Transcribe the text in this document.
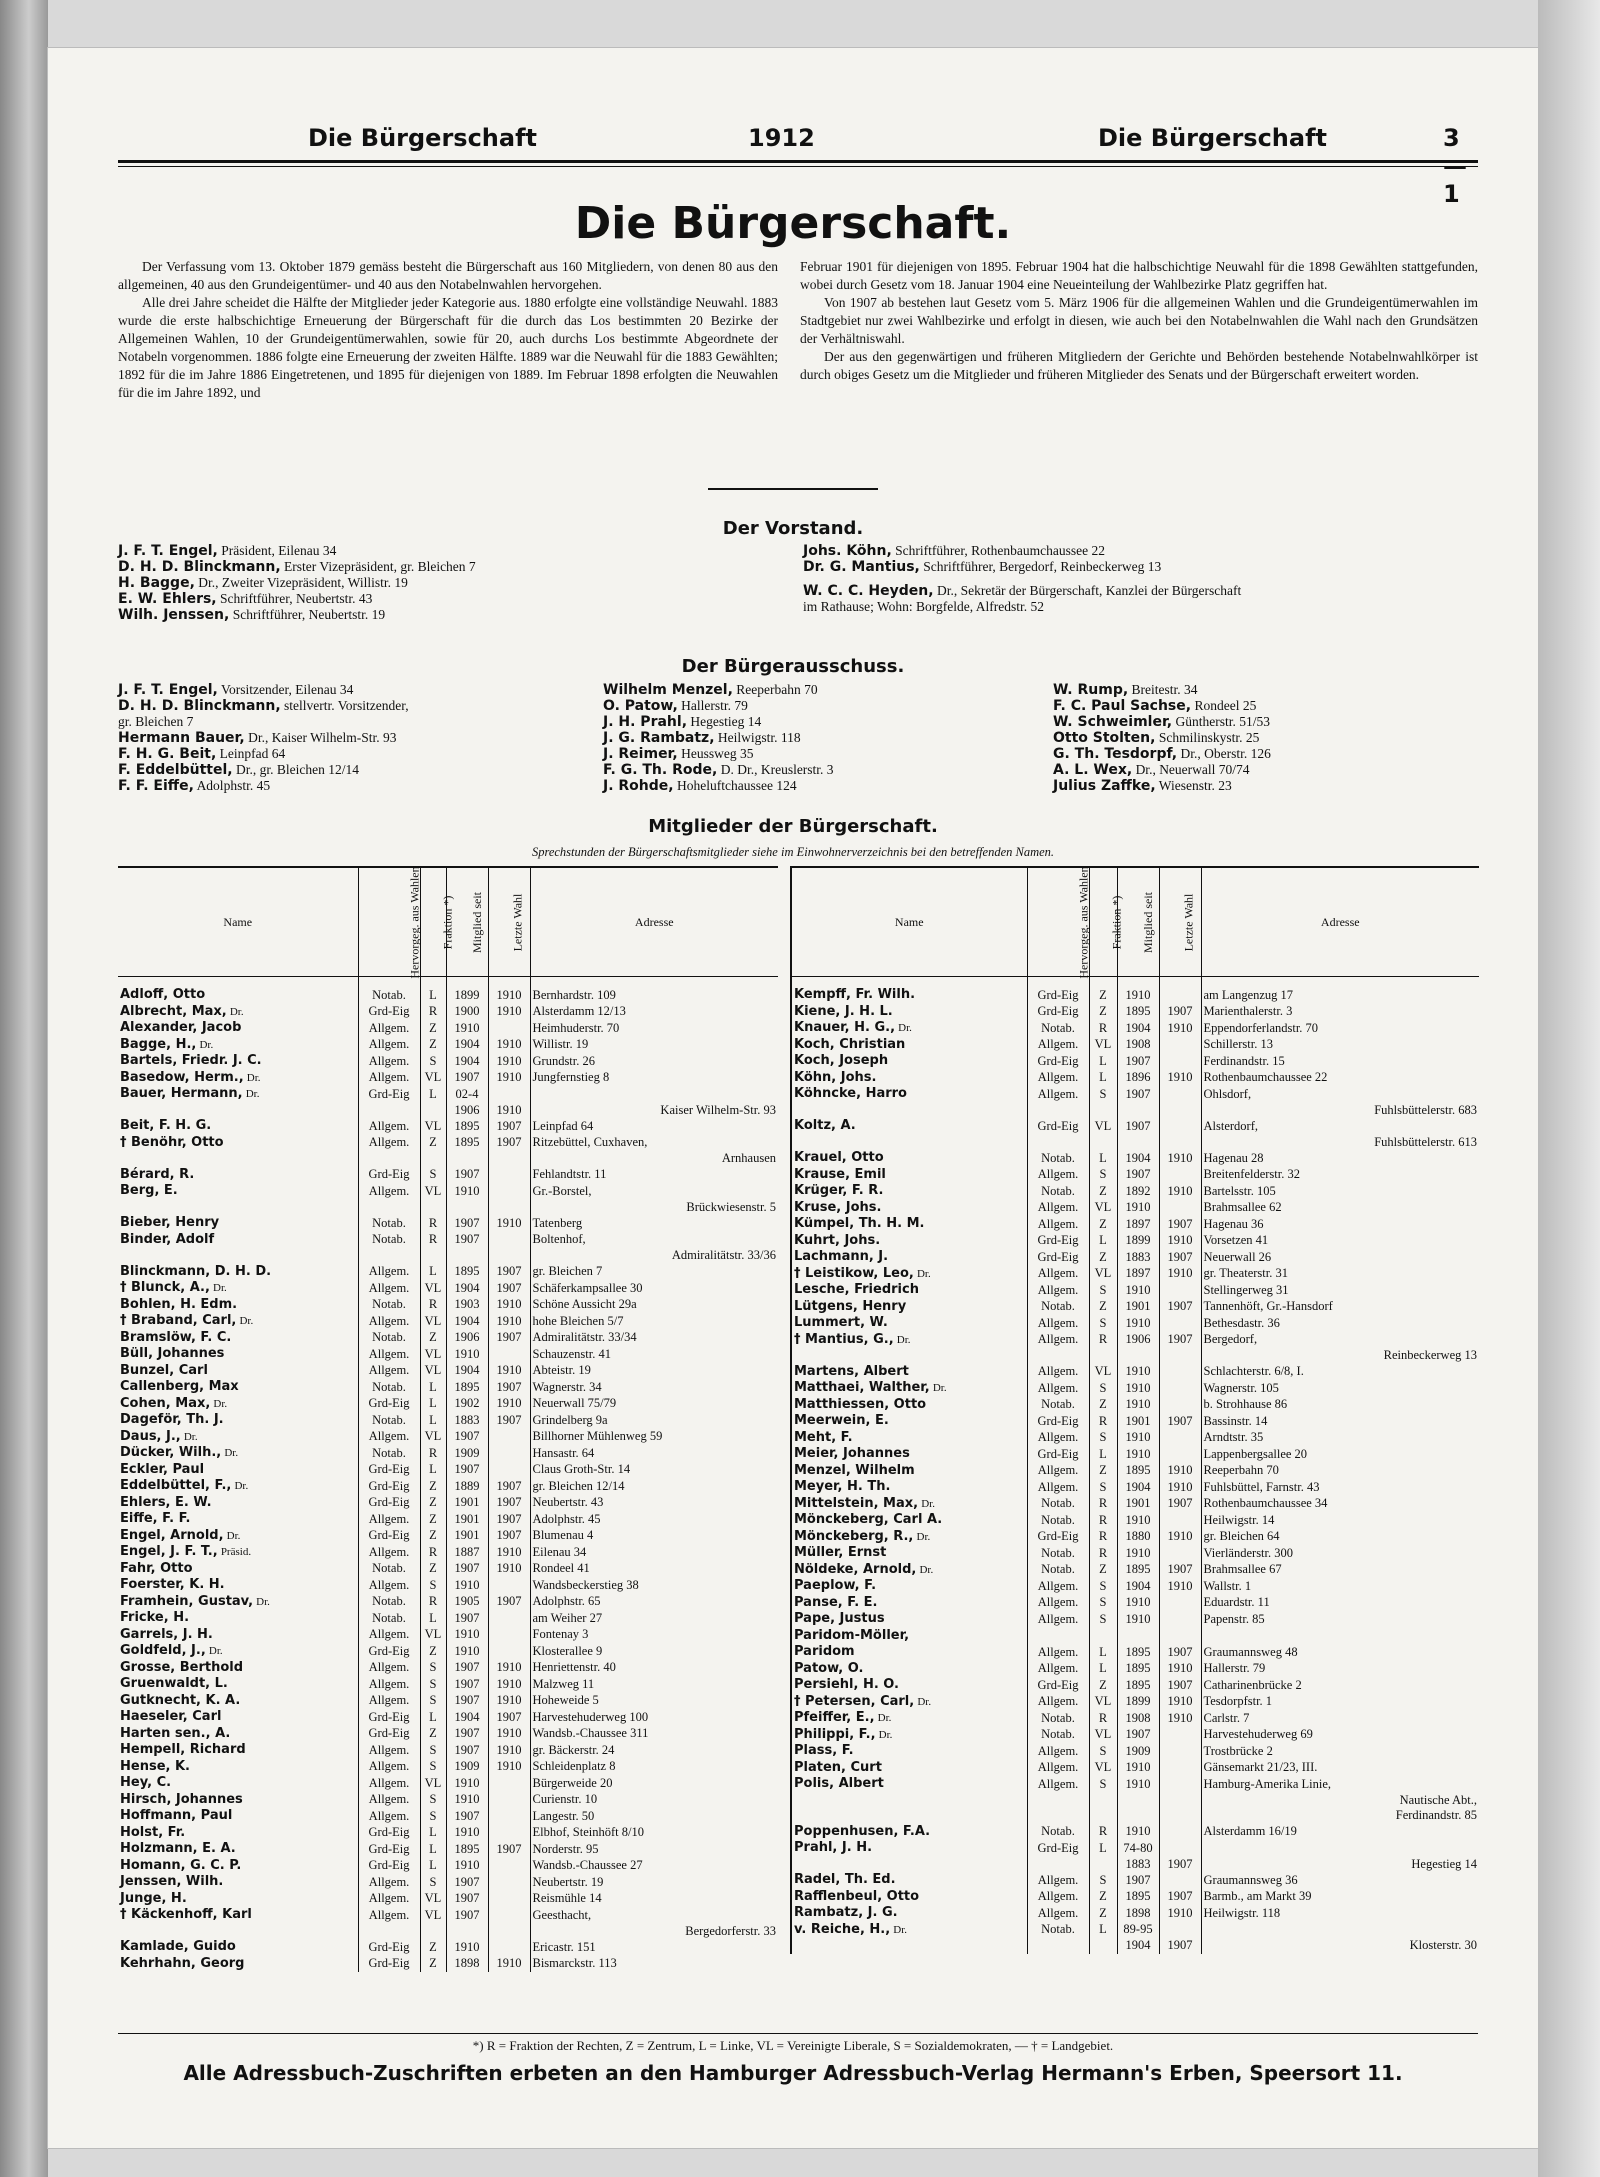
Die Bürgerschaft	1912	Die Bürgerschaft	3—1
Die Bürgerschaft.

Der Verfassung vom 13. Oktober 1879 gemäss besteht die Bürgerschaft aus 160 Mitgliedern, von denen 80 aus den allgemeinen, 40 aus den Grundeigentümer- und 40 aus den Notabelnwahlen hervorgehen.

Alle drei Jahre scheidet die Hälfte der Mitglieder jeder Kategorie aus. 1880 erfolgte eine vollständige Neuwahl. 1883 wurde die erste halbschichtige Erneuerung der Bürgerschaft für die durch das Los bestimmten 20 Bezirke der Allgemeinen Wahlen, 10 der Grundeigentümerwahlen, sowie für 20, auch durchs Los bestimmte Abgeordnete der Notabeln vorgenommen. 1886 folgte eine Erneuerung der zweiten Hälfte. 1889 war die Neuwahl für die 1883 Gewählten; 1892 für die im Jahre 1886 Eingetretenen, und 1895 für diejenigen von 1889. Im Februar 1898 erfolgten die Neuwahlen für die im Jahre 1892, und

Februar 1901 für diejenigen von 1895. Februar 1904 hat die halbschichtige Neuwahl für die 1898 Gewählten stattgefunden, wobei durch Gesetz vom 18. Januar 1904 eine Neueinteilung der Wahlbezirke Platz gegriffen hat.

Von 1907 ab bestehen laut Gesetz vom 5. März 1906 für die allgemeinen Wahlen und die Grundeigentümerwahlen im Stadtgebiet nur zwei Wahlbezirke und erfolgt in diesen, wie auch bei den Notabelnwahlen die Wahl nach den Grundsätzen der Verhältniswahl.

Der aus den gegenwärtigen und früheren Mitgliedern der Gerichte und Behörden bestehende Notabelnwahlkörper ist durch obiges Gesetz um die Mitglieder und früheren Mitglieder des Senats und der Bürgerschaft erweitert worden.

Der Vorstand.
J. F. T. Engel, Präsident, Eilenau 34
D. H. D. Blinckmann, Erster Vizepräsident, gr. Bleichen 7
H. Bagge, Dr., Zweiter Vizepräsident, Willistr. 19
E. W. Ehlers, Schriftführer, Neubertstr. 43
Wilh. Jenssen, Schriftführer, Neubertstr. 19
Johs. Köhn, Schriftführer, Rothenbaumchaussee 22
Dr. G. Mantius, Schriftführer, Bergedorf, Reinbeckerweg 13
W. C. C. Heyden, Dr., Sekretär der Bürgerschaft, Kanzlei der Bürgerschaft
im Rathause; Wohn: Borgfelde, Alfredstr. 52
Der Bürgerausschuss.
J. F. T. Engel, Vorsitzender, Eilenau 34
D. H. D. Blinckmann, stellvertr. Vorsitzender,
gr. Bleichen 7
Hermann Bauer, Dr., Kaiser Wilhelm-Str. 93
F. H. G. Beit, Leinpfad 64
F. Eddelbüttel, Dr., gr. Bleichen 12/14
F. F. Eiffe, Adolphstr. 45
Wilhelm Menzel, Reeperbahn 70
O. Patow, Hallerstr. 79
J. H. Prahl, Hegestieg 14
J. G. Rambatz, Heilwigstr. 118
J. Reimer, Heussweg 35
F. G. Th. Rode, D. Dr., Kreuslerstr. 3
J. Rohde, Hoheluftchaussee 124
W. Rump, Breitestr. 34
F. C. Paul Sachse, Rondeel 25
W. Schweimler, Güntherstr. 51/53
Otto Stolten, Schmilinskystr. 25
G. Th. Tesdorpf, Dr., Oberstr. 126
A. L. Wex, Dr., Neuerwall 70/74
Julius Zaffke, Wiesenstr. 23
Mitglieder der Bürgerschaft.
Sprechstunden der Bürgerschaftsmitglieder siehe im Einwohnerverzeichnis bei den betreffenden Namen.
Name	Hervorgeg. aus Wahlen	Fraktion *)	Mitglied seit	Letzte Wahl	Adresse
Adloff, Otto	Notab.	L	1899	1910	Bernhardstr. 109
Albrecht, Max, Dr.	Grd-Eig	R	1900	1910	Alsterdamm 12/13
Alexander, Jacob	Allgem.	Z	1910		Heimhuderstr. 70
Bagge, H., Dr.	Allgem.	Z	1904	1910	Willistr. 19
Bartels, Friedr. J. C.	Allgem.	S	1904	1910	Grundstr. 26
Basedow, Herm., Dr.	Allgem.	VL	1907	1910	Jungfernstieg 8
Bauer, Hermann, Dr.	Grd-Eig	L	02-4		
			1906	1910	Kaiser Wilhelm-Str. 93
Beit, F. H. G.	Allgem.	VL	1895	1907	Leinpfad 64
† Benöhr, Otto	Allgem.	Z	1895	1907	Ritzebüttel, Cuxhaven,
					Arnhausen
Bérard, R.	Grd-Eig	S	1907		Fehlandtstr. 11
Berg, E.	Allgem.	VL	1910		Gr.-Borstel,
					Brückwiesenstr. 5
Bieber, Henry	Notab.	R	1907	1910	Tatenberg
Binder, Adolf	Notab.	R	1907		Boltenhof,
					Admiralitätstr. 33/36
Blinckmann, D. H. D.	Allgem.	L	1895	1907	gr. Bleichen 7
† Blunck, A., Dr.	Allgem.	VL	1904	1907	Schäferkampsallee 30
Bohlen, H. Edm.	Notab.	R	1903	1910	Schöne Aussicht 29a
† Braband, Carl, Dr.	Allgem.	VL	1904	1910	hohe Bleichen 5/7
Bramslöw, F. C.	Notab.	Z	1906	1907	Admiralitätstr. 33/34
Büll, Johannes	Allgem.	VL	1910		Schauzenstr. 41
Bunzel, Carl	Allgem.	VL	1904	1910	Abteistr. 19
Callenberg, Max	Notab.	L	1895	1907	Wagnerstr. 34
Cohen, Max, Dr.	Grd-Eig	L	1902	1910	Neuerwall 75/79
Dageför, Th. J.	Notab.	L	1883	1907	Grindelberg 9a
Daus, J., Dr.	Allgem.	VL	1907		Billhorner Mühlenweg 59
Dücker, Wilh., Dr.	Notab.	R	1909		Hansastr. 64
Eckler, Paul	Grd-Eig	L	1907		Claus Groth-Str. 14
Eddelbüttel, F., Dr.	Grd-Eig	Z	1889	1907	gr. Bleichen 12/14
Ehlers, E. W.	Grd-Eig	Z	1901	1907	Neubertstr. 43
Eiffe, F. F.	Allgem.	Z	1901	1907	Adolphstr. 45
Engel, Arnold, Dr.	Grd-Eig	Z	1901	1907	Blumenau 4
Engel, J. F. T., Präsid.	Allgem.	R	1887	1910	Eilenau 34
Fahr, Otto	Notab.	Z	1907	1910	Rondeel 41
Foerster, K. H.	Allgem.	S	1910		Wandsbeckerstieg 38
Framhein, Gustav, Dr.	Notab.	R	1905	1907	Adolphstr. 65
Fricke, H.	Notab.	L	1907		am Weiher 27
Garrels, J. H.	Allgem.	VL	1910		Fontenay 3
Goldfeld, J., Dr.	Grd-Eig	Z	1910		Klosterallee 9
Grosse, Berthold	Allgem.	S	1907	1910	Henriettenstr. 40
Gruenwaldt, L.	Allgem.	S	1907	1910	Malzweg 11
Gutknecht, K. A.	Allgem.	S	1907	1910	Hoheweide 5
Haeseler, Carl	Grd-Eig	L	1904	1907	Harvestehuderweg 100
Harten sen., A.	Grd-Eig	Z	1907	1910	Wandsb.-Chaussee 311
Hempell, Richard	Allgem.	S	1907	1910	gr. Bäckerstr. 24
Hense, K.	Allgem.	S	1909	1910	Schleidenplatz 8
Hey, C.	Allgem.	VL	1910		Bürgerweide 20
Hirsch, Johannes	Allgem.	S	1910		Curienstr. 10
Hoffmann, Paul	Allgem.	S	1907		Langestr. 50
Holst, Fr.	Grd-Eig	L	1910		Elbhof, Steinhöft 8/10
Holzmann, E. A.	Grd-Eig	L	1895	1907	Norderstr. 95
Homann, G. C. P.	Grd-Eig	L	1910		Wandsb.-Chaussee 27
Jenssen, Wilh.	Allgem.	S	1907		Neubertstr. 19
Junge, H.	Allgem.	VL	1907		Reismühle 14
† Käckenhoff, Karl	Allgem.	VL	1907		Geesthacht,
					Bergedorferstr. 33
Kamlade, Guido	Grd-Eig	Z	1910		Ericastr. 151
Kehrhahn, Georg	Grd-Eig	Z	1898	1910	Bismarckstr. 113
Name	Hervorgeg. aus Wahlen	Fraktion *)	Mitglied seit	Letzte Wahl	Adresse
Kempff, Fr. Wilh.	Grd-Eig	Z	1910		am Langenzug 17
Kiene, J. H. L.	Grd-Eig	Z	1895	1907	Marienthalerstr. 3
Knauer, H. G., Dr.	Notab.	R	1904	1910	Eppendorferlandstr. 70
Koch, Christian	Allgem.	VL	1908		Schillerstr. 13
Koch, Joseph	Grd-Eig	L	1907		Ferdinandstr. 15
Köhn, Johs.	Allgem.	L	1896	1910	Rothenbaumchaussee 22
Köhncke, Harro	Allgem.	S	1907		Ohlsdorf,
					Fuhlsbüttelerstr. 683
Koltz, A.	Grd-Eig	VL	1907		Alsterdorf,
					Fuhlsbüttelerstr. 613
Krauel, Otto	Notab.	L	1904	1910	Hagenau 28
Krause, Emil	Allgem.	S	1907		Breitenfelderstr. 32
Krüger, F. R.	Notab.	Z	1892	1910	Bartelsstr. 105
Kruse, Johs.	Allgem.	VL	1910		Brahmsallee 62
Kümpel, Th. H. M.	Allgem.	Z	1897	1907	Hagenau 36
Kuhrt, Johs.	Grd-Eig	L	1899	1910	Vorsetzen 41
Lachmann, J.	Grd-Eig	Z	1883	1907	Neuerwall 26
† Leistikow, Leo, Dr.	Allgem.	VL	1897	1910	gr. Theaterstr. 31
Lesche, Friedrich	Allgem.	S	1910		Stellingerweg 31
Lütgens, Henry	Notab.	Z	1901	1907	Tannenhöft, Gr.-Hansdorf
Lummert, W.	Allgem.	S	1910		Bethesdastr. 36
† Mantius, G., Dr.	Allgem.	R	1906	1907	Bergedorf,
					Reinbeckerweg 13
Martens, Albert	Allgem.	VL	1910		Schlachterstr. 6/8, I.
Matthaei, Walther, Dr.	Allgem.	S	1910		Wagnerstr. 105
Matthiessen, Otto	Notab.	Z	1910		b. Strohhause 86
Meerwein, E.	Grd-Eig	R	1901	1907	Bassinstr. 14
Meht, F.	Allgem.	S	1910		Arndtstr. 35
Meier, Johannes	Grd-Eig	L	1910		Lappenbergsallee 20
Menzel, Wilhelm	Allgem.	Z	1895	1910	Reeperbahn 70
Meyer, H. Th.	Allgem.	S	1904	1910	Fuhlsbüttel, Farnstr. 43
Mittelstein, Max, Dr.	Notab.	R	1901	1907	Rothenbaumchaussee 34
Mönckeberg, Carl A.	Notab.	R	1910		Heilwigstr. 14
Mönckeberg, R., Dr.	Grd-Eig	R	1880	1910	gr. Bleichen 64
Müller, Ernst	Notab.	R	1910		Vierländerstr. 300
Nöldeke, Arnold, Dr.	Notab.	Z	1895	1907	Brahmsallee 67
Paeplow, F.	Allgem.	S	1904	1910	Wallstr. 1
Panse, F. E.	Allgem.	S	1910		Eduardstr. 11
Pape, Justus	Allgem.	S	1910		Papenstr. 85
Paridom-Möller,					
Paridom	Allgem.	L	1895	1907	Graumannsweg 48
Patow, O.	Allgem.	L	1895	1910	Hallerstr. 79
Persiehl, H. O.	Grd-Eig	Z	1895	1907	Catharinenbrücke 2
† Petersen, Carl, Dr.	Allgem.	VL	1899	1910	Tesdorpfstr. 1
Pfeiffer, E., Dr.	Notab.	R	1908	1910	Carlstr. 7
Philippi, F., Dr.	Notab.	VL	1907		Harvestehuderweg 69
Plass, F.	Allgem.	S	1909		Trostbrücke 2
Platen, Curt	Allgem.	VL	1910		Gänsemarkt 21/23, III.
Polis, Albert	Allgem.	S	1910		Hamburg-Amerika Linie,
					Nautische Abt.,
					Ferdinandstr. 85
Poppenhusen, F.A.	Notab.	R	1910		Alsterdamm 16/19
Prahl, J. H.	Grd-Eig	L	74-80		
			1883	1907	Hegestieg 14
Radel, Th. Ed.	Allgem.	S	1907		Graumannsweg 36
Rafflenbeul, Otto	Allgem.	Z	1895	1907	Barmb., am Markt 39
Rambatz, J. G.	Allgem.	Z	1898	1910	Heilwigstr. 118
v. Reiche, H., Dr.	Notab.	L	89-95		
			1904	1907	Klosterstr. 30
*) R = Fraktion der Rechten, Z = Zentrum, L = Linke, VL = Vereinigte Liberale, S = Sozialdemokraten, — † = Landgebiet.
Alle Adressbuch-Zuschriften erbeten an den Hamburger Adressbuch-Verlag Hermann's Erben, Speersort 11.
